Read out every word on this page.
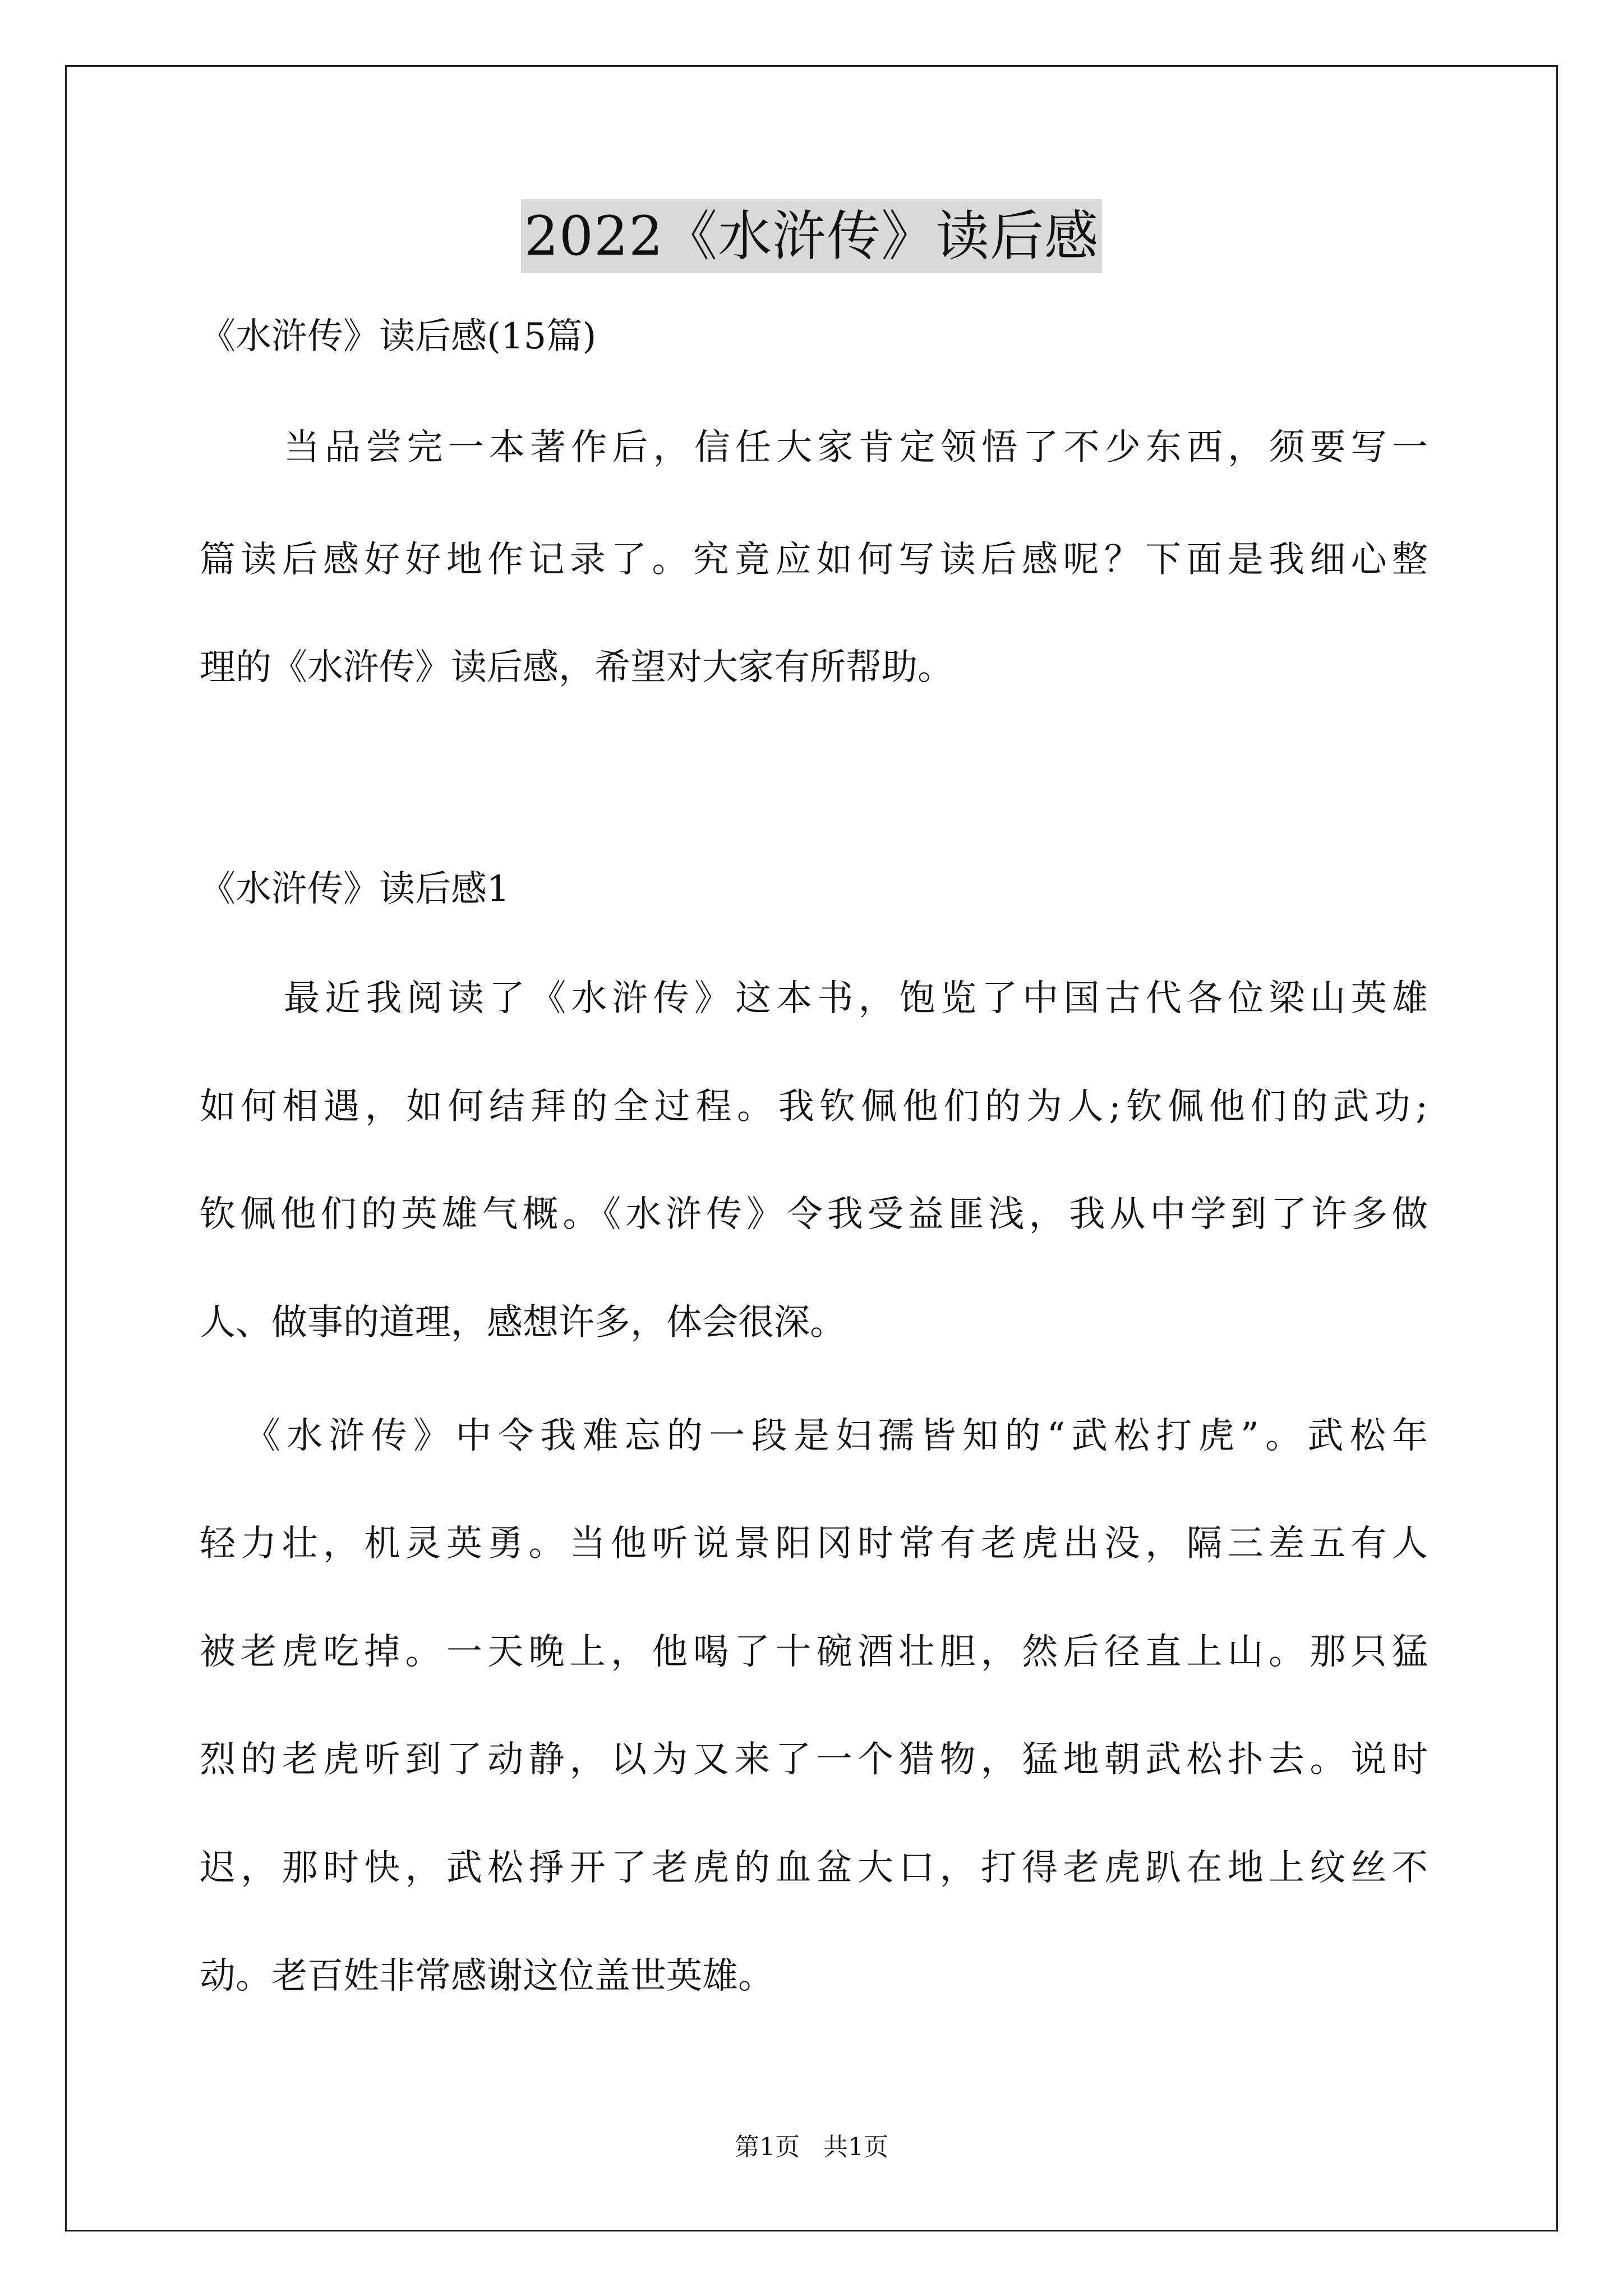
2022《水浒传》读后感
《水浒传》读后感(15篇)
当品尝完一本著作后，信任大家肯定领悟了不少东西，须要写一
篇读后感好好地作记录了。究竟应如何写读后感呢？下面是我细心整
理的《水浒传》读后感，希望对大家有所帮助。
《水浒传》读后感1
最近我阅读了《水浒传》这本书，饱览了中国古代各位梁山英雄
如何相遇，如何结拜的全过程。我钦佩他们的为人;钦佩他们的武功;
钦佩他们的英雄气概。《水浒传》令我受益匪浅，我从中学到了许多做
人、做事的道理，感想许多，体会很深。
《水浒传》中令我难忘的一段是妇孺皆知的“武松打虎”。武松年
轻力壮，机灵英勇。当他听说景阳冈时常有老虎出没，隔三差五有人
被老虎吃掉。一天晚上，他喝了十碗酒壮胆，然后径直上山。那只猛
烈的老虎听到了动静，以为又来了一个猎物，猛地朝武松扑去。说时
迟，那时快，武松掙开了老虎的血盆大口，打得老虎趴在地上纹丝不
动。老百姓非常感谢这位盖世英雄。
第1页 共1页
